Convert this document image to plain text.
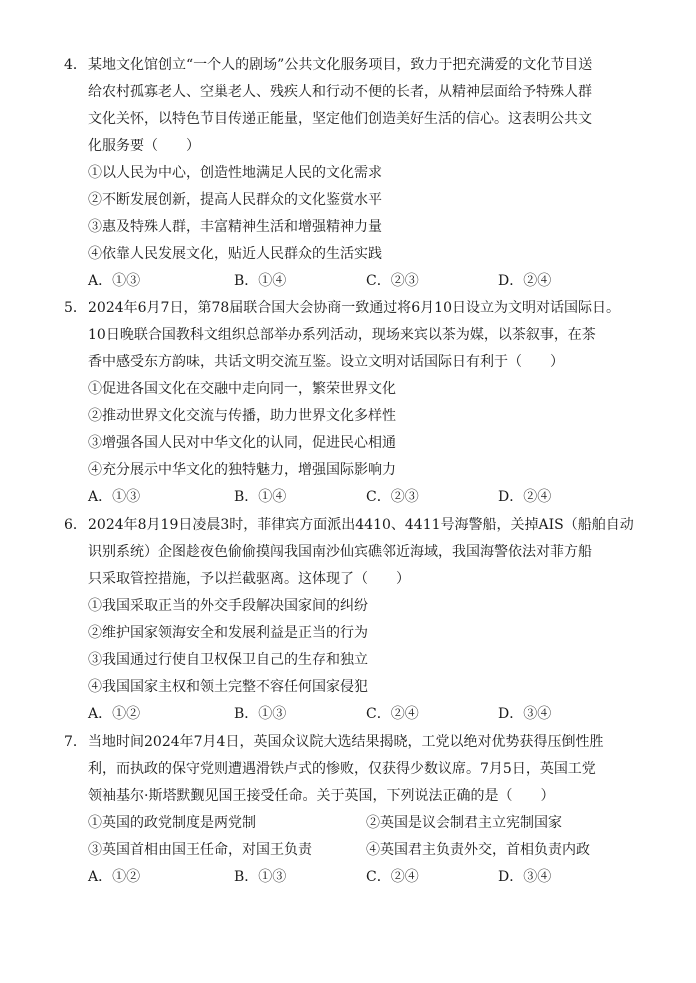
4． 某地文化馆创立“一个人的剧场”公共文化服务项目，致力于把充满爱的文化节目送
给农村孤寡老人、空巢老人、残疾人和行动不便的长者，从精神层面给予特殊人群
文化关怀，以特色节目传递正能量，坚定他们创造美好生活的信心。这表明公共文
化服务要（　　）
①以人民为中心，创造性地满足人民的文化需求
②不断发展创新，提高人民群众的文化鉴赏水平
③惠及特殊人群，丰富精神生活和增强精神力量
④依靠人民发展文化，贴近人民群众的生活实践
A．①③	B．①④	C．②③	D．②④
5． 2024年6月7日，第78届联合国大会协商一致通过将6月10日设立为文明对话国际日。
10日晚联合国教科文组织总部举办系列活动，现场来宾以茶为媒，以茶叙事，在茶
香中感受东方韵味，共话文明交流互鉴。设立文明对话国际日有利于（　　）
①促进各国文化在交融中走向同一，繁荣世界文化
②推动世界文化交流与传播，助力世界文化多样性
③增强各国人民对中华文化的认同，促进民心相通
④充分展示中华文化的独特魅力，增强国际影响力
A．①③	B．①④	C．②③	D．②④
6． 2024年8月19日凌晨3时，菲律宾方面派出4410、4411号海警船，关掉AIS（船舶自动
识别系统）企图趁夜色偷偷摸闯我国南沙仙宾礁邻近海域，我国海警依法对菲方船
只采取管控措施，予以拦截驱离。这体现了（　　）
①我国采取正当的外交手段解决国家间的纠纷
②维护国家领海安全和发展利益是正当的行为
③我国通过行使自卫权保卫自己的生存和独立
④我国国家主权和领土完整不容任何国家侵犯
A．①②	B．①③	C．②④	D．③④
7． 当地时间2024年7月4日，英国众议院大选结果揭晓，工党以绝对优势获得压倒性胜
利，而执政的保守党则遭遇滑铁卢式的惨败，仅获得少数议席。7月5日，英国工党
领袖基尔·斯塔默觐见国王接受任命。关于英国，下列说法正确的是（　　）
①英国的政党制度是两党制	②英国是议会制君主立宪制国家
③英国首相由国王任命，对国王负责	④英国君主负责外交，首相负责内政
A．①②	B．①③	C．②④	D．③④
